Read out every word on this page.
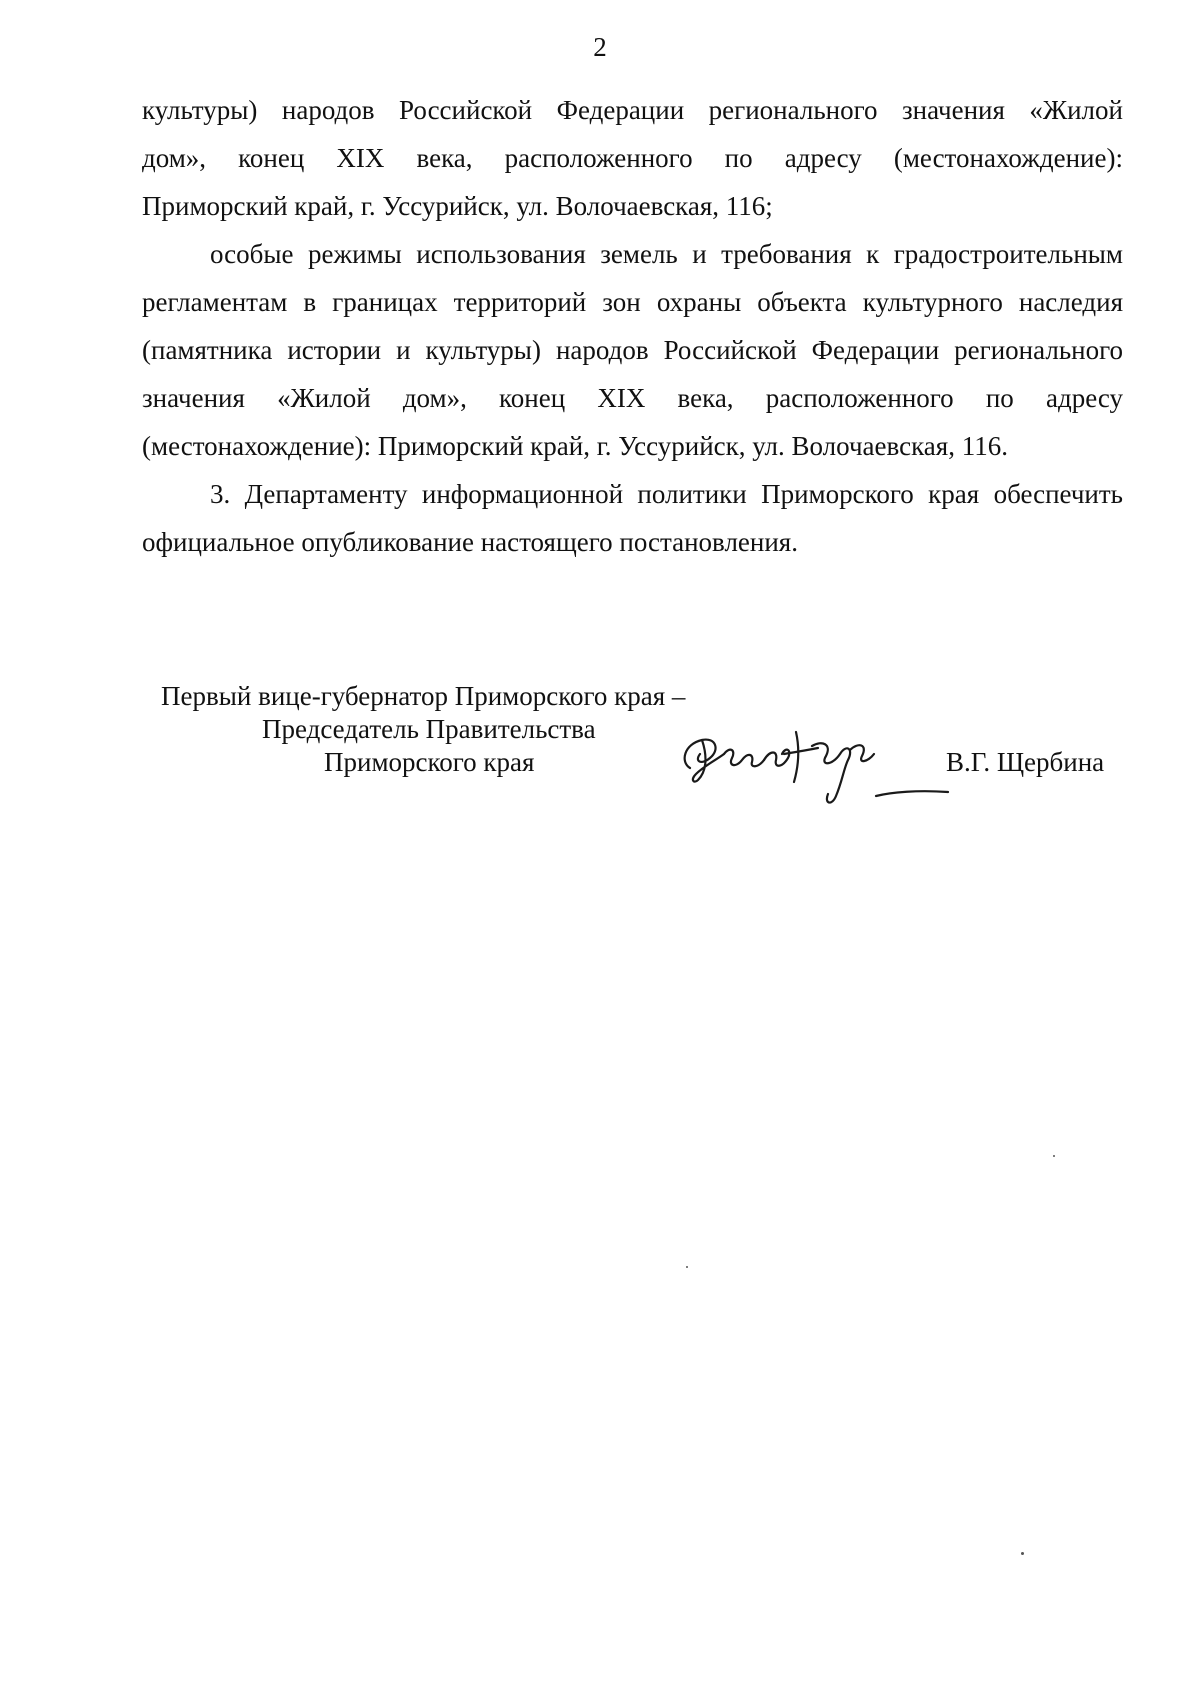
2

культуры) народов Российской Федерации регионального значения «Жилой
дом», конец XIX века, расположенного по адресу (местонахождение):
Приморский край, г. Уссурийск, ул. Волочаевская, 116;

особые режимы использования земель и требования к градостроительным
регламентам в границах территорий зон охраны объекта культурного наследия
(памятника истории и культуры) народов Российской Федерации регионального
значения «Жилой дом», конец XIX века, расположенного по адресу
(местонахождение): Приморский край, г. Уссурийск, ул. Волочаевская, 116.

3. Департаменту информационной политики Приморского края обеспечить
официальное опубликование настоящего постановления.

Первый вице-губернатор Приморского края –
Председатель Правительства
Приморского края	В.Г. Щербина
